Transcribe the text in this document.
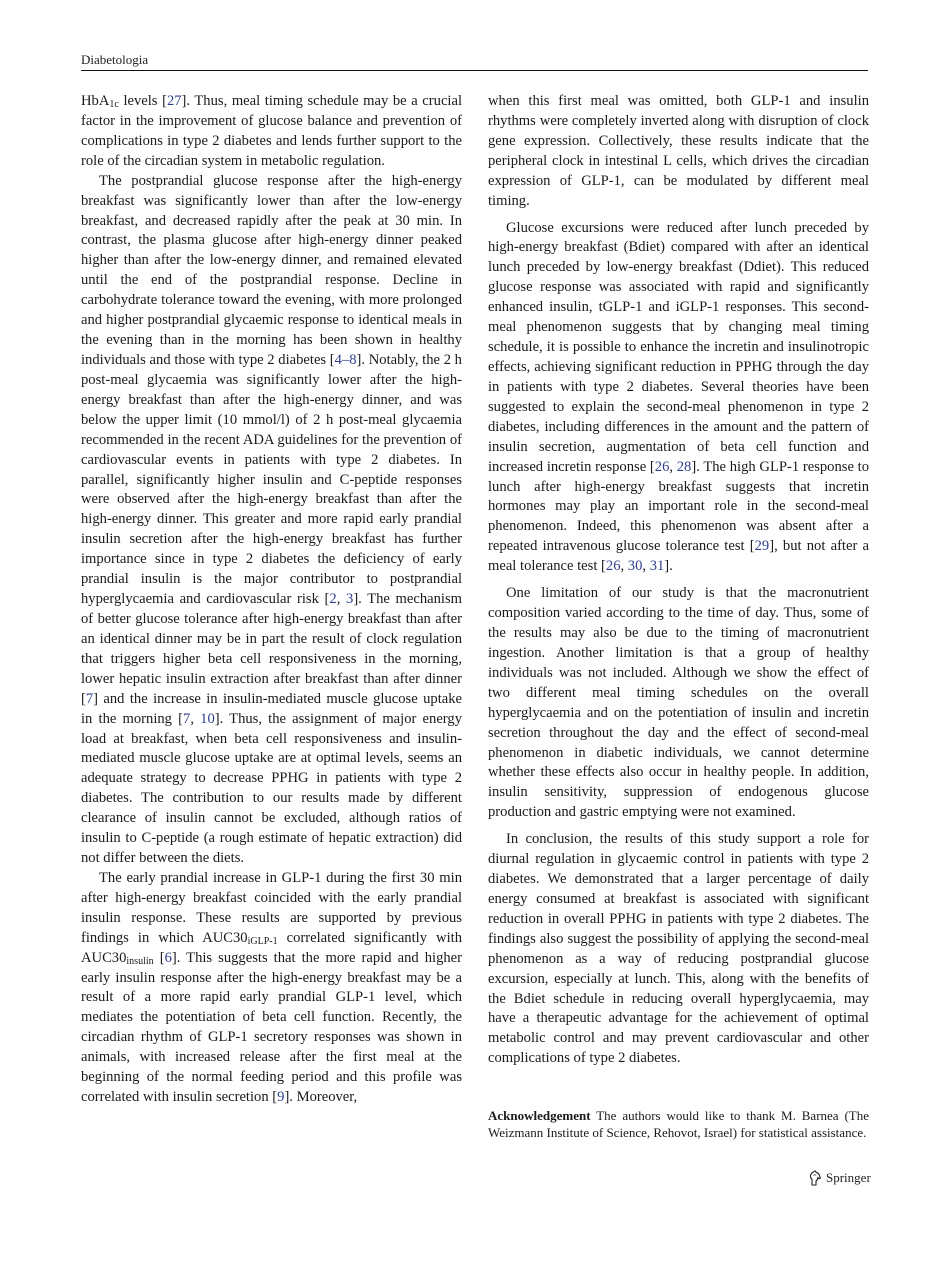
Diabetologia

HbA$_{1c}$ levels [27]. Thus, meal timing schedule may be a crucial factor in the improvement of glucose balance and prevention of complications in type 2 diabetes and lends further support to the role of the circadian system in metabolic regulation.

The postprandial glucose response after the high-energy breakfast was significantly lower than after the low-energy breakfast, and decreased rapidly after the peak at 30 min. In contrast, the plasma glucose after high-energy dinner peaked higher than after the low-energy dinner, and remained elevated until the end of the postprandial response. Decline in carbohydrate tolerance toward the evening, with more prolonged and higher postprandial glycaemic response to identical meals in the evening than in the morning has been shown in healthy individuals and those with type 2 diabetes [4–8]. Notably, the 2 h post-meal glycaemia was significantly lower after the high-energy breakfast than after the high-energy dinner, and was below the upper limit (10 mmol/l) of 2 h post-meal glycaemia recommended in the recent ADA guidelines for the prevention of cardiovascular events in patients with type 2 diabetes. In parallel, significantly higher insulin and C-peptide responses were observed after the high-energy breakfast than after the high-energy dinner. This greater and more rapid early prandial insulin secretion after the high-energy breakfast has further importance since in type 2 diabetes the deficiency of early prandial insulin is the major contributor to postprandial hyperglycaemia and cardiovascular risk [2, 3]. The mechanism of better glucose tolerance after high-energy breakfast than after an identical dinner may be in part the result of clock regulation that triggers higher beta cell responsiveness in the morning, lower hepatic insulin extraction after breakfast than after dinner [7] and the increase in insulin-mediated muscle glucose uptake in the morning [7, 10]. Thus, the assignment of major energy load at breakfast, when beta cell responsiveness and insulin-mediated muscle glucose uptake are at optimal levels, seems an adequate strategy to decrease PPHG in patients with type 2 diabetes. The contribution to our results made by different clearance of insulin cannot be excluded, although ratios of insulin to C-peptide (a rough estimate of hepatic extraction) did not differ between the diets.

The early prandial increase in GLP-1 during the first 30 min after high-energy breakfast coincided with the early prandial insulin response. These results are supported by previous findings in which $AUC30_{iGLP-1}$ correlated significantly with $AUC30_{insulin}$ [6]. This suggests that the more rapid and higher early insulin response after the high-energy breakfast may be a result of a more rapid early prandial GLP-1 level, which mediates the potentiation of beta cell function. Recently, the circadian rhythm of GLP-1 secretory responses was shown in animals, with increased release after the first meal at the beginning of the normal feeding period and this profile was correlated with insulin secretion [9]. Moreover,

when this first meal was omitted, both GLP-1 and insulin rhythms were completely inverted along with disruption of clock gene expression. Collectively, these results indicate that the peripheral clock in intestinal L cells, which drives the circadian expression of GLP-1, can be modulated by different meal timing.

Glucose excursions were reduced after lunch preceded by high-energy breakfast (Bdiet) compared with after an identical lunch preceded by low-energy breakfast (Ddiet). This reduced glucose response was associated with rapid and significantly enhanced insulin, tGLP-1 and iGLP-1 responses. This second-meal phenomenon suggests that by changing meal timing schedule, it is possible to enhance the incretin and insulinotropic effects, achieving significant reduction in PPHG through the day in patients with type 2 diabetes. Several theories have been suggested to explain the second-meal phenomenon in type 2 diabetes, including differences in the amount and the pattern of insulin secretion, augmentation of beta cell function and increased incretin response [26, 28]. The high GLP-1 response to lunch after high-energy breakfast suggests that incretin hormones may play an important role in the second-meal phenomenon. Indeed, this phenomenon was absent after a repeated intravenous glucose tolerance test [29], but not after a meal tolerance test [26, 30, 31].

One limitation of our study is that the macronutrient composition varied according to the time of day. Thus, some of the results may also be due to the timing of macronutrient ingestion. Another limitation is that a group of healthy individuals was not included. Although we show the effect of two different meal timing schedules on the overall hyperglycaemia and on the potentiation of insulin and incretin secretion throughout the day and the effect of second-meal phenomenon in diabetic individuals, we cannot determine whether these effects also occur in healthy people. In addition, insulin sensitivity, suppression of endogenous glucose production and gastric emptying were not examined.

In conclusion, the results of this study support a role for diurnal regulation in glycaemic control in patients with type 2 diabetes. We demonstrated that a larger percentage of daily energy consumed at breakfast is associated with significant reduction in overall PPHG in patients with type 2 diabetes. The findings also suggest the possibility of applying the second-meal phenomenon as a way of reducing postprandial glucose excursion, especially at lunch. This, along with the benefits of the Bdiet schedule in reducing overall hyperglycaemia, may have a therapeutic advantage for the achievement of optimal metabolic control and may prevent cardiovascular and other complications of type 2 diabetes.

Acknowledgement The authors would like to thank M. Barnea (The Weizmann Institute of Science, Rehovot, Israel) for statistical assistance.
Springer
